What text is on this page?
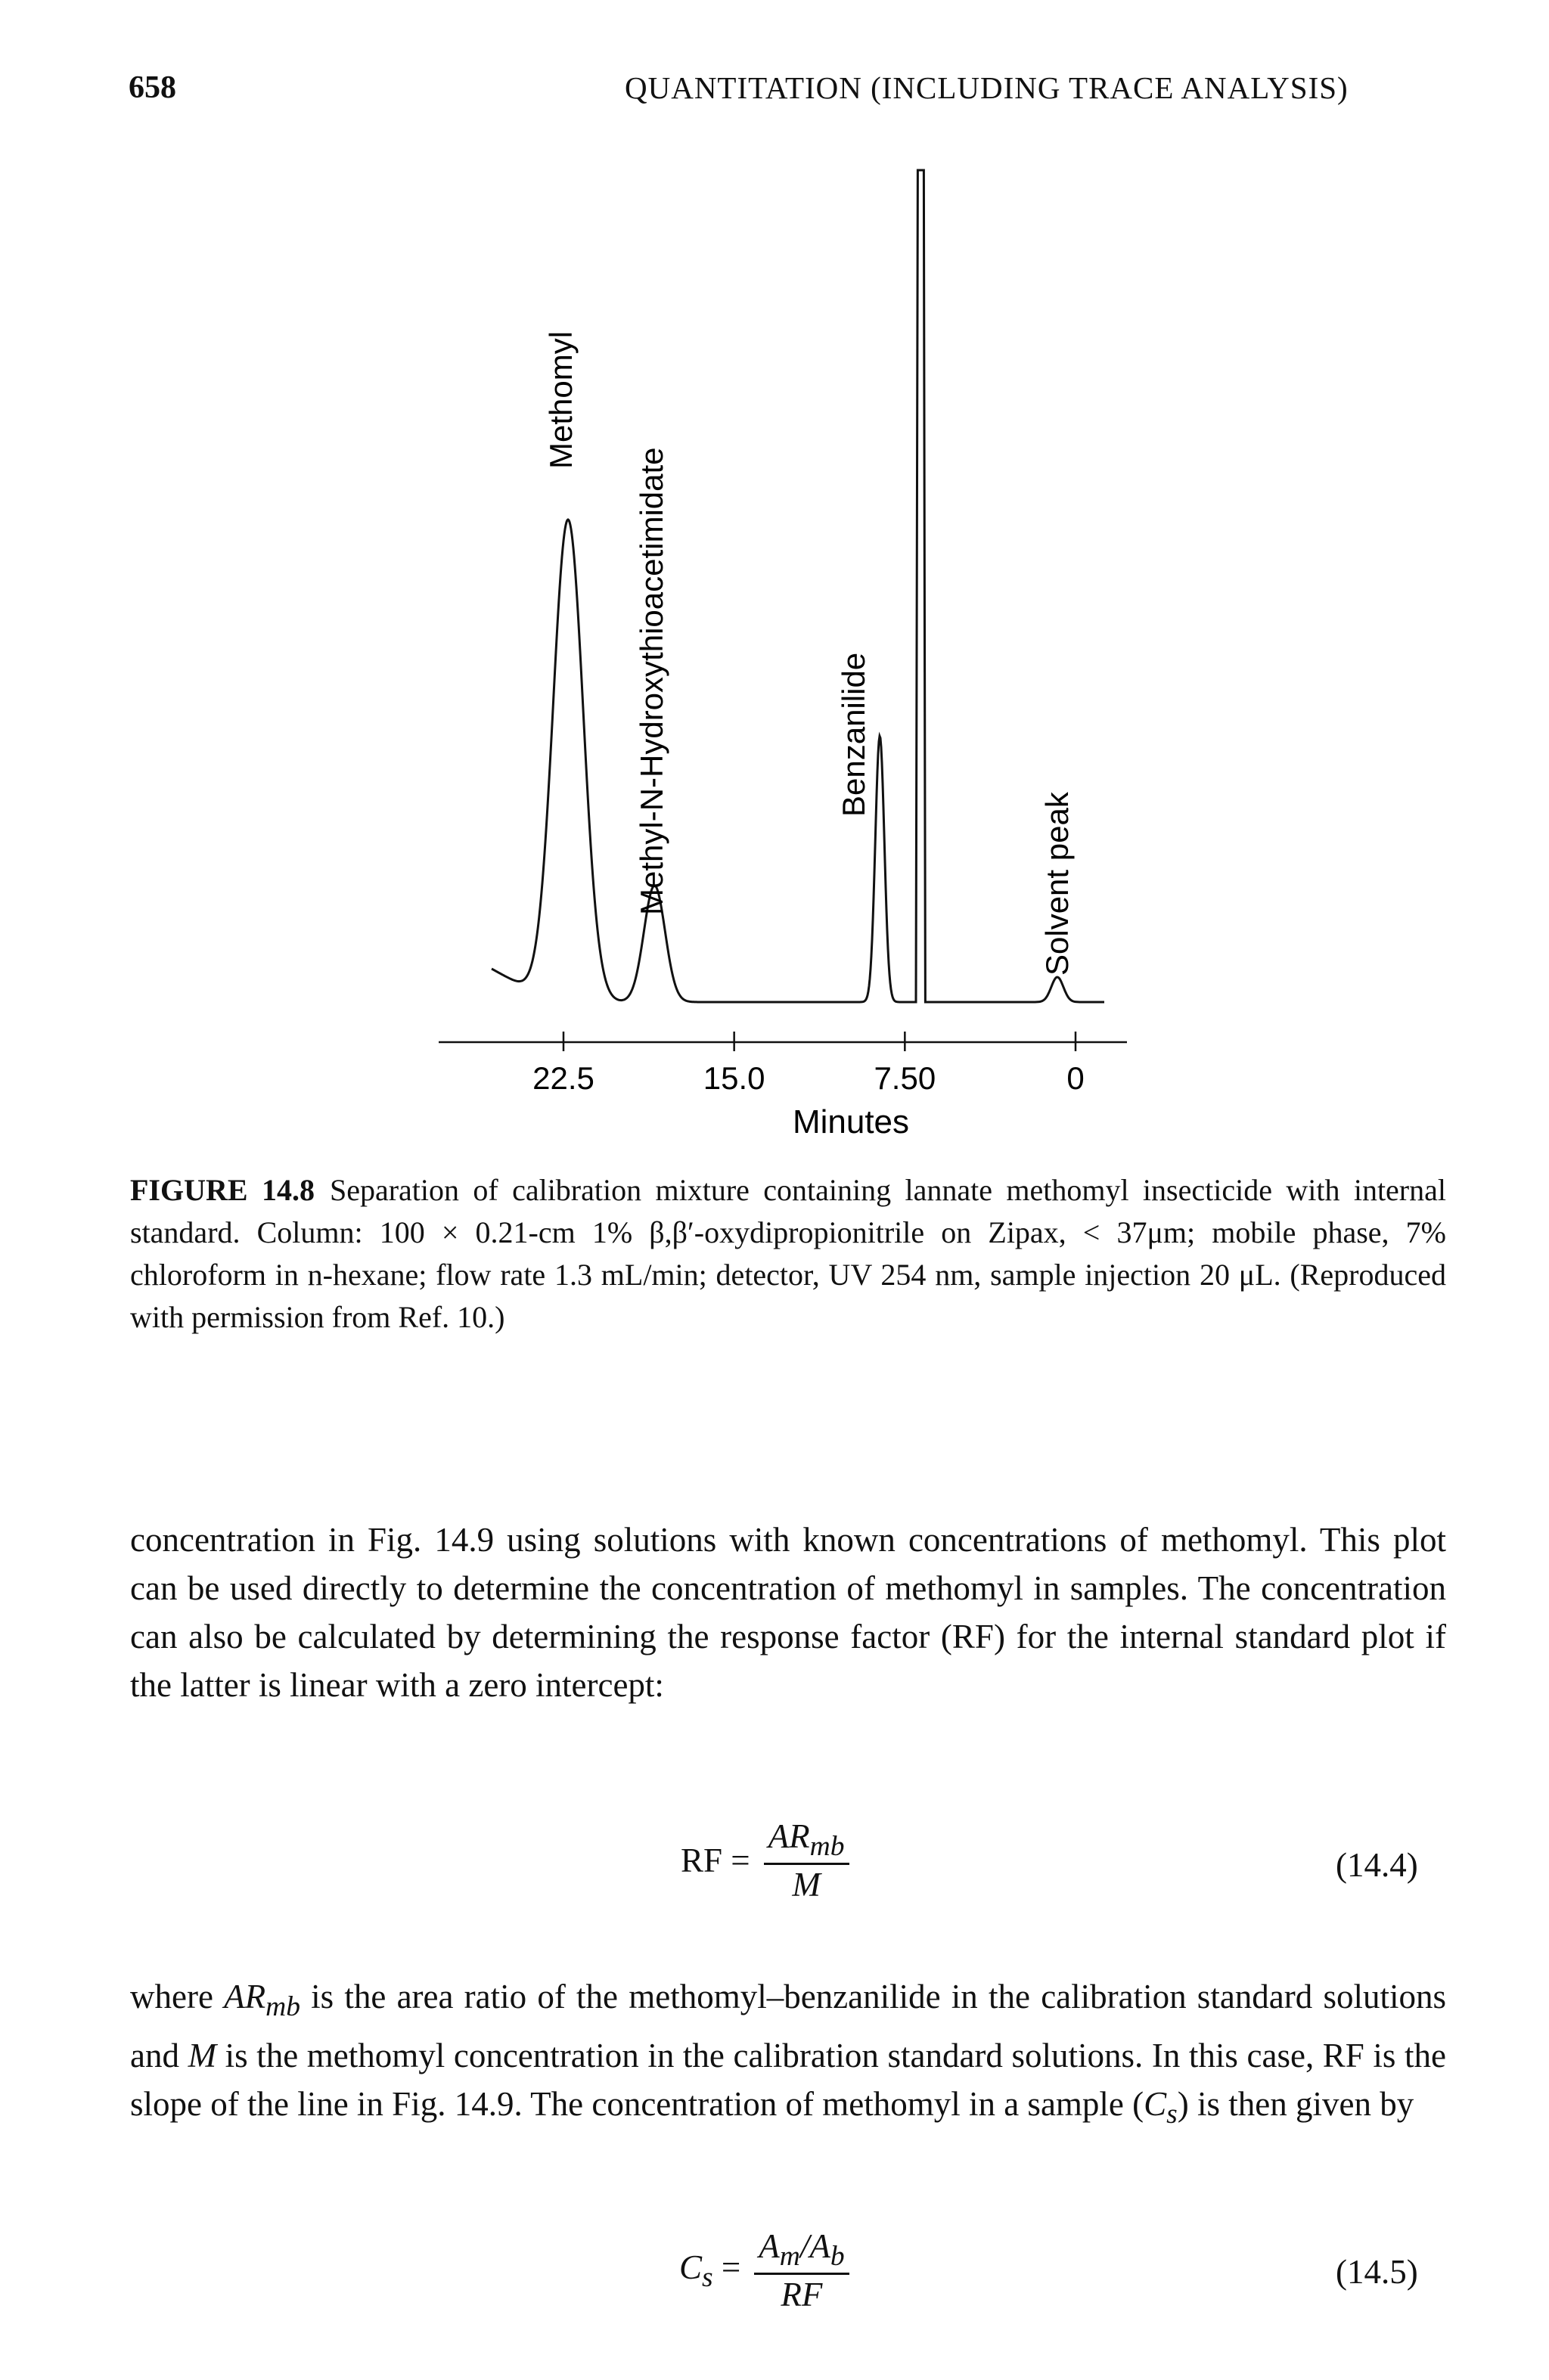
658	QUANTITATION (INCLUDING TRACE ANALYSIS)
22.5	15.0	7.50	0
Minutes
Methomyl
Methyl-N-Hydroxythioacetimidate	Benzanilide
Solvent peak
FIGURE 14.8 Separation of calibration mixture containing lannate methomyl insecticide with internal standard. Column: 100 × 0.21-cm 1% β,β′-oxydipropionitrile on Zipax, < 37μm; mobile phase, 7% chloroform in n-hexane; flow rate 1.3 mL/min; detector, UV 254 nm, sample injection 20 μL. (Reproduced with permission from Ref. 10.)
concentration in Fig. 14.9 using solutions with known concentrations of methomyl. This plot can be used directly to determine the concentration of methomyl in samples. The concentration can also be calculated by determining the response factor (RF) for the internal standard plot if the latter is linear with a zero intercept:
RF = $\frac{AR_{mb}}{M}$	(14.4)
where $AR_{mb}$ is the area ratio of the methomyl–benzanilide in the calibration standard solutions and M is the methomyl concentration in the calibration standard solutions. In this case, RF is the slope of the line in Fig. 14.9. The concentration of methomyl in a sample $(C_s)$ is then given by
$C_s = \frac{A_m/A_b}{RF}$	(14.5)
